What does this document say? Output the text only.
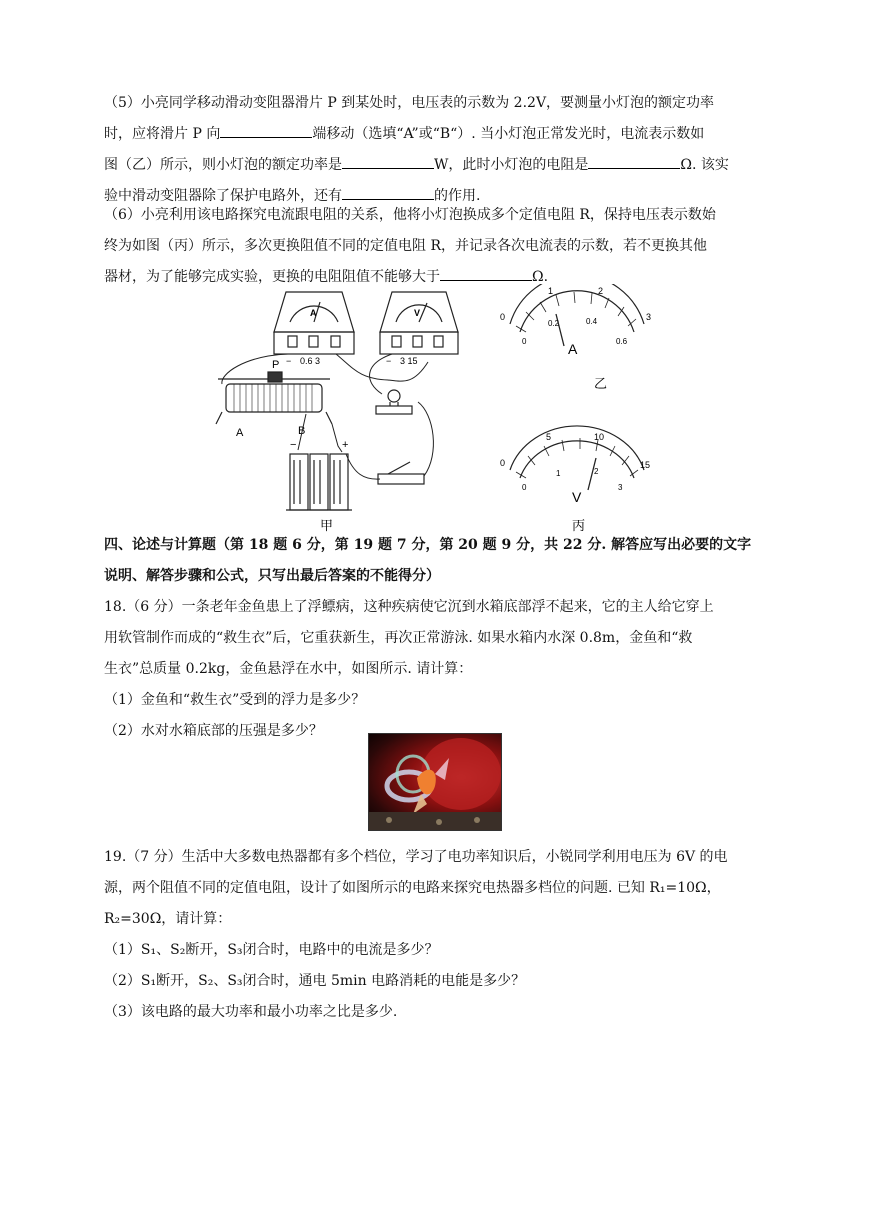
（5）小亮同学移动滑动变阻器滑片 P 到某处时，电压表的示数为 2.2V，要测量小灯泡的额定功率
时，应将滑片 P 向	端移动（选填“A”或“B“）. 当小灯泡正常发光时，电流表示数如
图（乙）所示，则小灯泡的额定功率是	W，此时小灯泡的电阻是	Ω. 该实
验中滑动变阻器除了保护电路外，还有	的作用.
（6）小亮利用该电路探究电流跟电阻的关系，他将小灯泡换成多个定值电阻 R，保持电压表示数始
终为如图（丙）所示，多次更换阻值不同的定值电阻 R，并记录各次电流表的示数，若不更换其他
器材，为了能够完成实验，更换的电阻阻值不能够大于	Ω.
A
− 0.6 3
V
− 3 15
P
A	B
−	+
甲
0
1	2
3
0
0.2	0.4
0.6
A
乙
0
5	10
15
0
1	2
3
V
丙
四、论述与计算题（第 18 题 6 分，第 19 题 7 分，第 20 题 9 分，共 22 分. 解答应写出必要的文字
说明、解答步骤和公式，只写出最后答案的不能得分）
18.（6 分）一条老年金鱼患上了浮鳔病，这种疾病使它沉到水箱底部浮不起来，它的主人给它穿上
用软管制作而成的“救生衣”后，它重获新生，再次正常游泳. 如果水箱内水深 0.8m，金鱼和“救
生衣”总质量 0.2kg，金鱼悬浮在水中，如图所示. 请计算：
（1）金鱼和“救生衣”受到的浮力是多少？
（2）水对水箱底部的压强是多少？
19.（7 分）生活中大多数电热器都有多个档位，学习了电功率知识后，小锐同学利用电压为 6V 的电
源，两个阻值不同的定值电阻，设计了如图所示的电路来探究电热器多档位的问题. 已知 R₁=10Ω，
R₂=30Ω，请计算：
（1）S₁、S₂断开，S₃闭合时，电路中的电流是多少？
（2）S₁断开，S₂、S₃闭合时，通电 5min 电路消耗的电能是多少？
（3）该电路的最大功率和最小功率之比是多少.
